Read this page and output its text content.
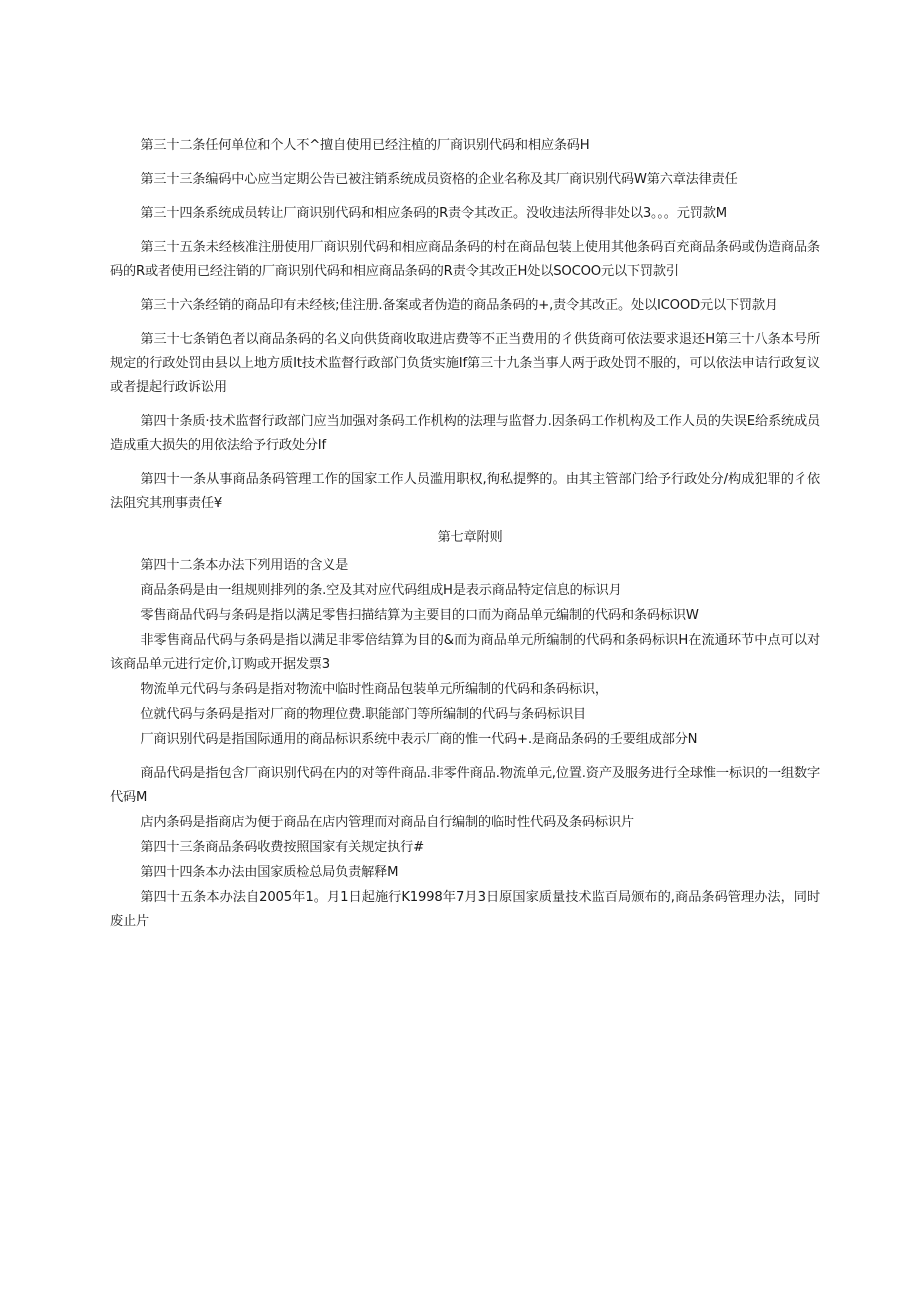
第三十二条任何单位和个人不^擅自使用已经注植的厂商识别代码和相应条码H

第三十三条编码中心应当定期公告已被注销系统成员资格的企业名称及其厂商识别代码W第六章法律责任

第三十四条系统成员转让厂商识别代码和相应条码的R责令其改正。没收违法所得非处以3。。。元罚款M

第三十五条未经核准注册使用厂商识别代码和相应商品条码的村在商品包装上使用其他条码百充商品条码或伪造商品条码的R或者使用已经注销的厂商识别代码和相应商品条码的R责令其改正H处以SOCOO元以下罚款引

第三十六条经销的商品印有未经核;佳注册.备案或者伪造的商品条码的+,责令其改正。处以ICOOD元以下罚款月

第三十七条销色者以商品条码的名义向供货商收取进店费等不正当费用的彳供货商可依法要求退还H第三十八条本号所规定的行政处罚由县以上地方质It技术监督行政部门负货实施If第三十九条当事人两于政处罚不服的，可以依法申诘行政复议或者提起行政诉讼用

第四十条质·技术监督行政部门应当加强对条码工作机构的法理与监督力.因条码工作机构及工作人员的失误E给系统成员造成重大损失的用依法给予行政处分If

第四十一条从事商品条码管理工作的国家工作人员滥用职权,徇私提弊的。由其主管部门给予行政处分/构成犯罪的彳依法阻究其刑事责任¥

第七章附则

第四十二条本办法下列用语的含义是

商品条码是由一组规则排列的条.空及其对应代码组成H是表示商品特定信息的标识月

零售商品代码与条码是指以满足零售扫描结算为主要目的口而为商品单元编制的代码和条码标识W

非零售商品代码与条码是指以满足非零倍结算为目的&而为商品单元所编制的代码和条码标识H在流通环节中点可以对该商品单元进行定价,订购或开据发票3

物流单元代码与条码是指对物流中临时性商品包装单元所编制的代码和条码标识，

位就代码与条码是指对厂商的物理位费.职能部门等所编制的代码与条码标识目

厂商识别代码是指国际通用的商品标识系统中表示厂商的惟一代码+.是商品条码的壬要组成部分N

商品代码是指包含厂商识别代码在内的对等件商品.非零件商品.物流单元,位置.资产及服务进行全球惟一标识的一组数字代码M

店内条码是指商店为便于商品在店内管理而对商品自行编制的临时性代码及条码标识片

第四十三条商品条码收费按照国家有关规定执行#

第四十四条本办法由国家质检总局负责解释M

第四十五条本办法自2005年1。月1日起施行K1998年7月3日原国家质量技术监百局颁布的,商品条码管理办法，同时废止片
